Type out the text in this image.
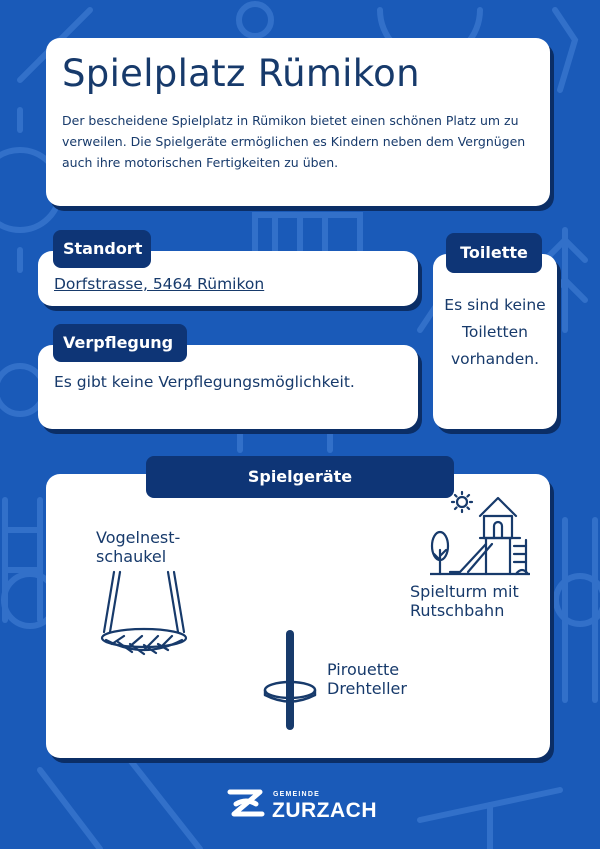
Spielplatz Rümikon

Der bescheidene Spielplatz in Rümikon bietet einen schönen Platz um zu verweilen. Die Spielgeräte ermöglichen es Kindern neben dem Vergnügen auch ihre motorischen Fertigkeiten zu üben.

Dorfstrasse, 5464 Rümikon
Standort

Es gibt keine Verpflegungsmöglichkeit.

Verpflegung

Es sind keine Toiletten vorhanden.

Toilette

Vogelnest-
schaukel

Spielturm mit
Rutschbahn

Pirouette
Drehteller

Spielgeräte
GEMEINDE
ZURZACH
